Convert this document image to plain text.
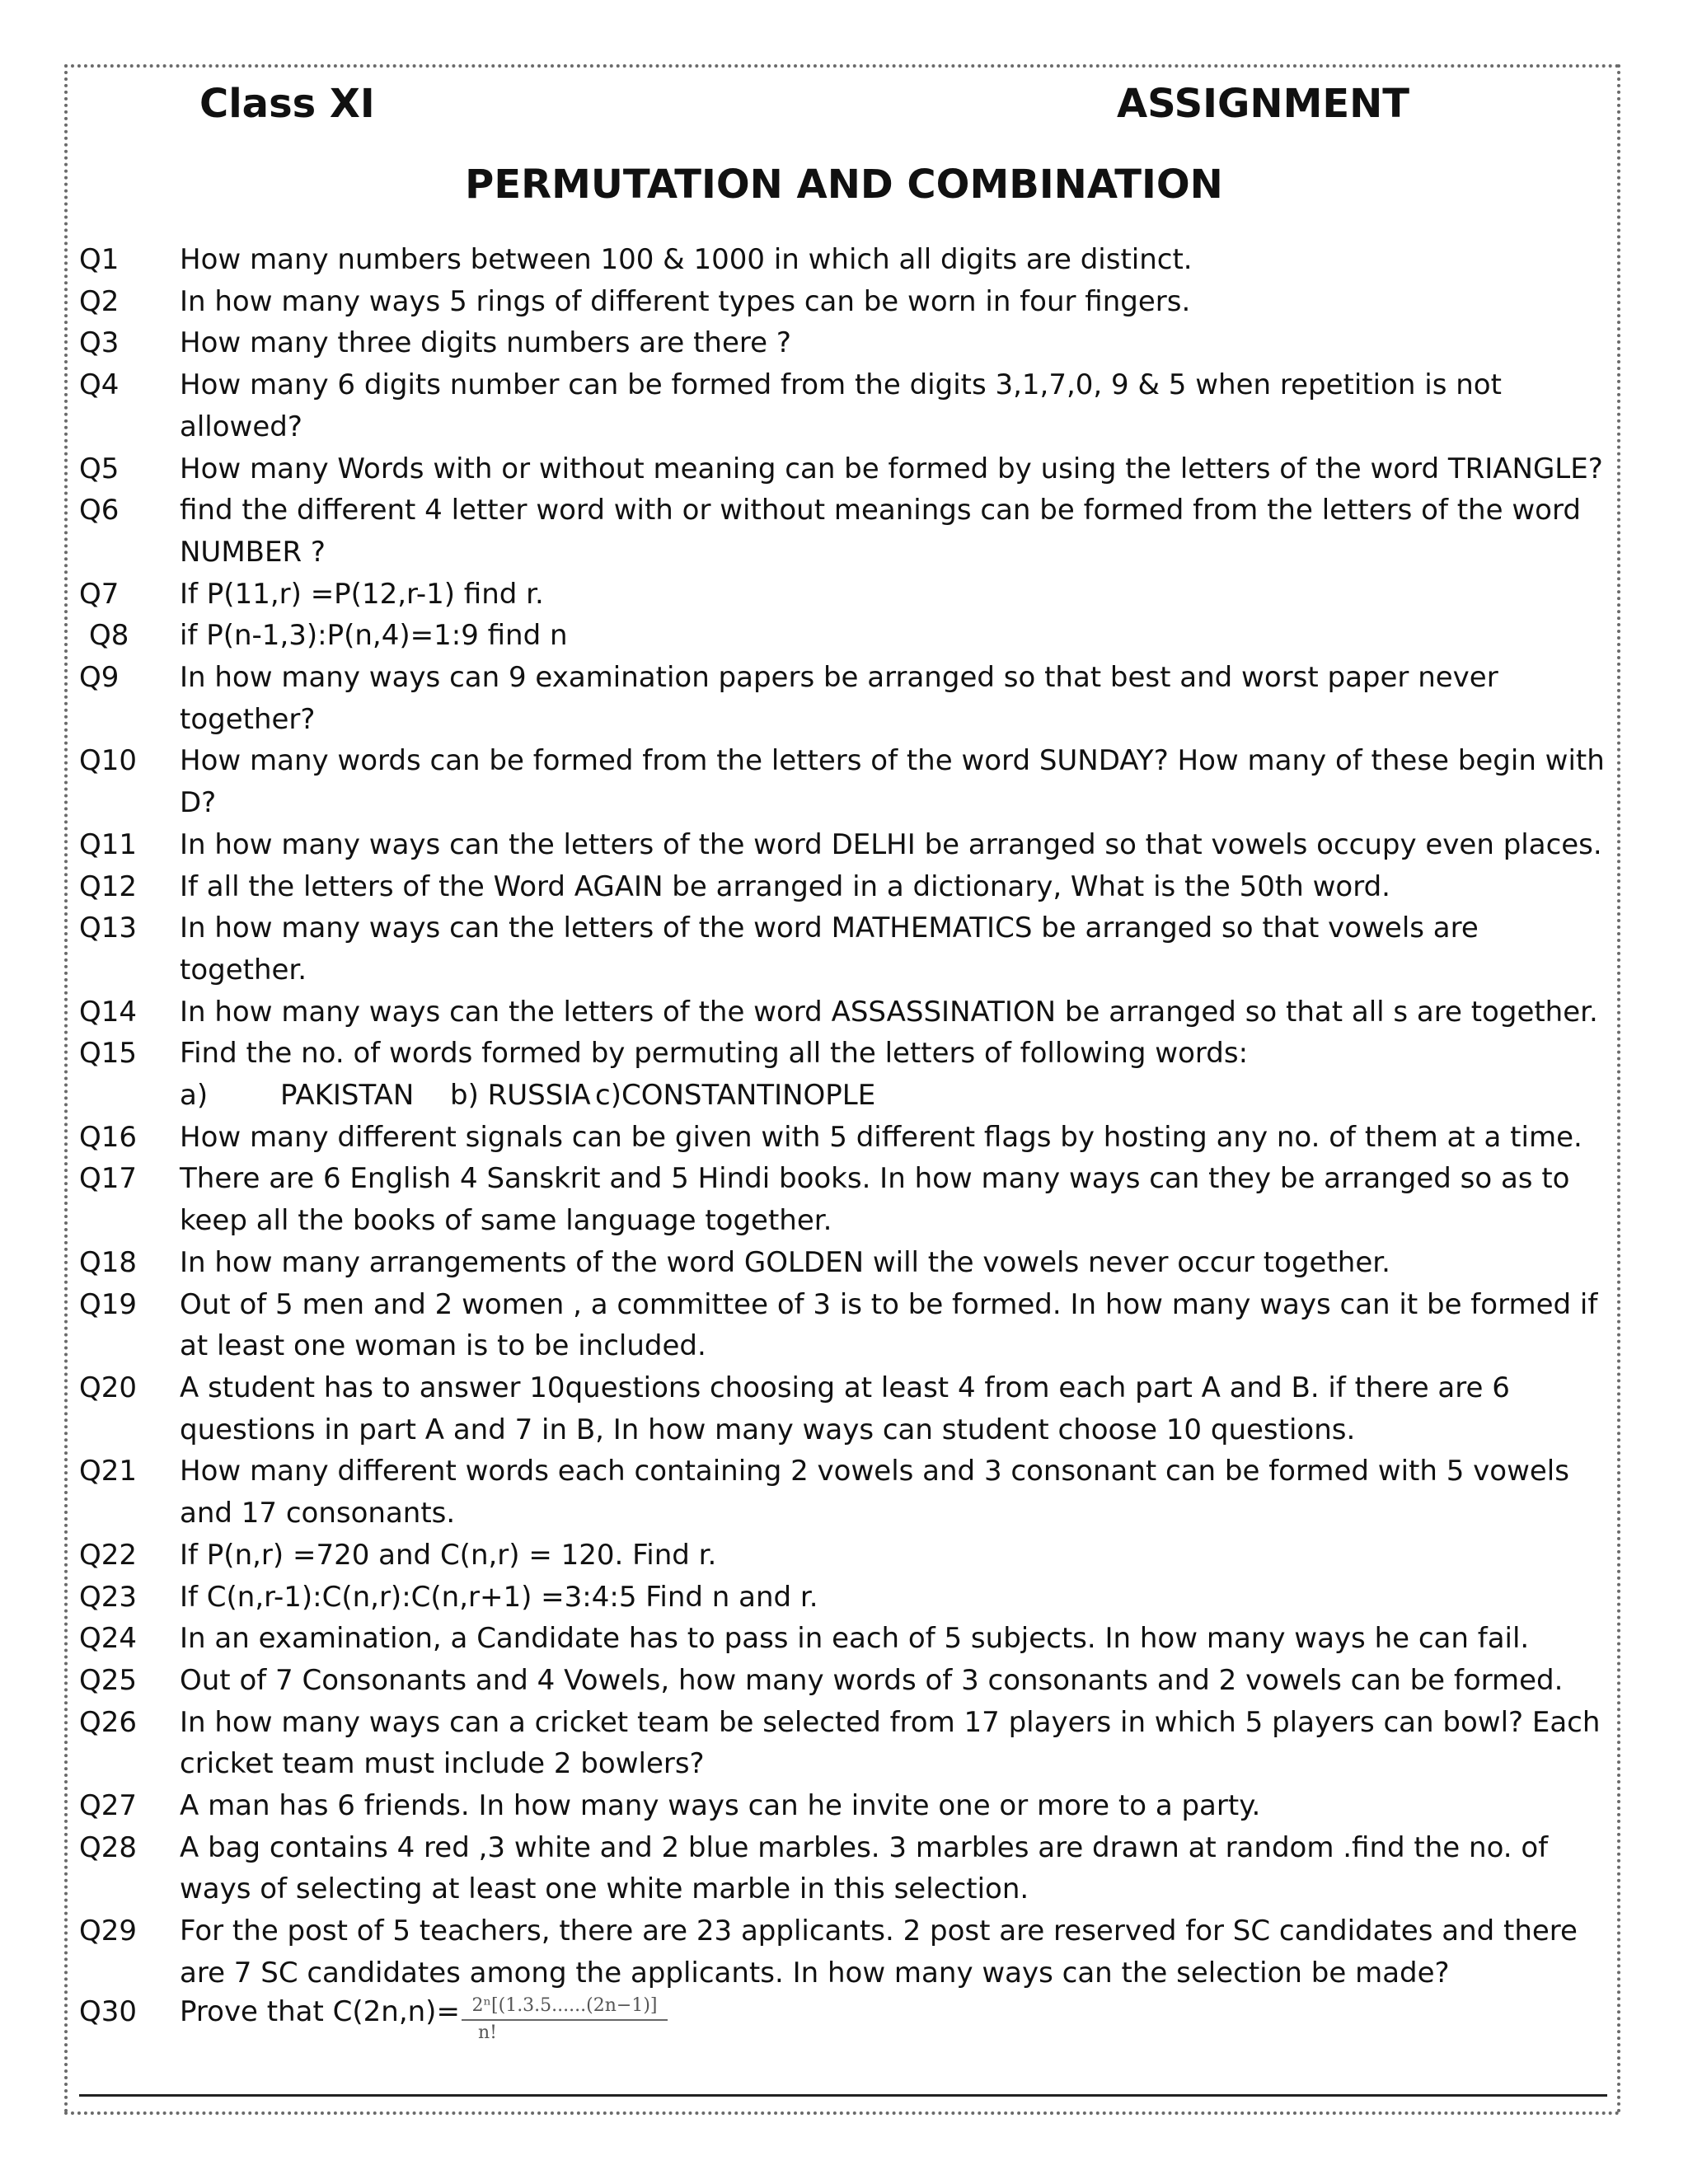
Class XI	ASSIGNMENT
PERMUTATION AND COMBINATION
Q1	How many numbers between 100 & 1000 in which all digits are distinct.
Q2	In how many ways 5 rings of different types can be worn in four fingers.
Q3	How many three digits numbers are there ?
Q4	How many 6 digits number can be formed from the digits 3,1,7,0, 9 & 5 when repetition is not allowed?
Q5	How many Words with or without meaning can be formed by using the letters of the word TRIANGLE?
Q6	find the different 4 letter word with or without meanings can be formed from the letters of the word NUMBER ?
Q7	If P(11,r) =P(12,r-1) find r.
Q8	if P(n-1,3):P(n,4)=1:9 find n
Q9	In how many ways can 9 examination papers be arranged so that best and worst paper never together?
Q10	How many words can be formed from the letters of the word SUNDAY? How many of these begin with D?
Q11	In how many ways can the letters of the word DELHI be arranged so that vowels occupy even places.
Q12	If all the letters of the Word AGAIN be arranged in a dictionary, What is the 50th word.
Q13	In how many ways can the letters of the word MATHEMATICS be arranged so that vowels are together.
Q14	In how many ways can the letters of the word ASSASSINATION be arranged so that all s are together.
Q15	Find the no. of words formed by permuting all the letters of following words:
a)	PAKISTAN	b) RUSSIA c)CONSTANTINOPLE
Q16	How many different signals can be given with 5 different flags by hosting any no. of them at a time.
Q17	There are 6 English 4 Sanskrit and 5 Hindi books. In how many ways can they be arranged so as to keep all the books of same language together.
Q18	In how many arrangements of the word GOLDEN will the vowels never occur together.
Q19	Out of 5 men and 2 women , a committee of 3 is to be formed. In how many ways can it be formed if at least one woman is to be included.
Q20	A student has to answer 10questions choosing at least 4 from each part A and B. if there are 6 questions in part A and 7 in B, In how many ways can student choose 10 questions.
Q21	How many different words each containing 2 vowels and 3 consonant can be formed with 5 vowels and 17 consonants.
Q22	If P(n,r) =720 and C(n,r) = 120. Find r.
Q23	If C(n,r-1):C(n,r):C(n,r+1) =3:4:5 Find n and r.
Q24	In an examination, a Candidate has to pass in each of 5 subjects. In how many ways he can fail.
Q25	Out of 7 Consonants and 4 Vowels, how many words of 3 consonants and 2 vowels can be formed.
Q26	In how many ways can a cricket team be selected from 17 players in which 5 players can bowl? Each cricket team must include 2 bowlers?
Q27	A man has 6 friends. In how many ways can he invite one or more to a party.
Q28	A bag contains 4 red ,3 white and 2 blue marbles. 3 marbles are drawn at random .find the no. of ways of selecting at least one white marble in this selection.
Q29	For the post of 5 teachers, there are 23 applicants. 2 post are reserved for SC candidates and there are 7 SC candidates among the applicants. In how many ways can the selection be made?
Q30	Prove that $C(2n,n)= \frac{\text{2ⁿ[(1.3.5......(2n−1)]}}{n!}$
